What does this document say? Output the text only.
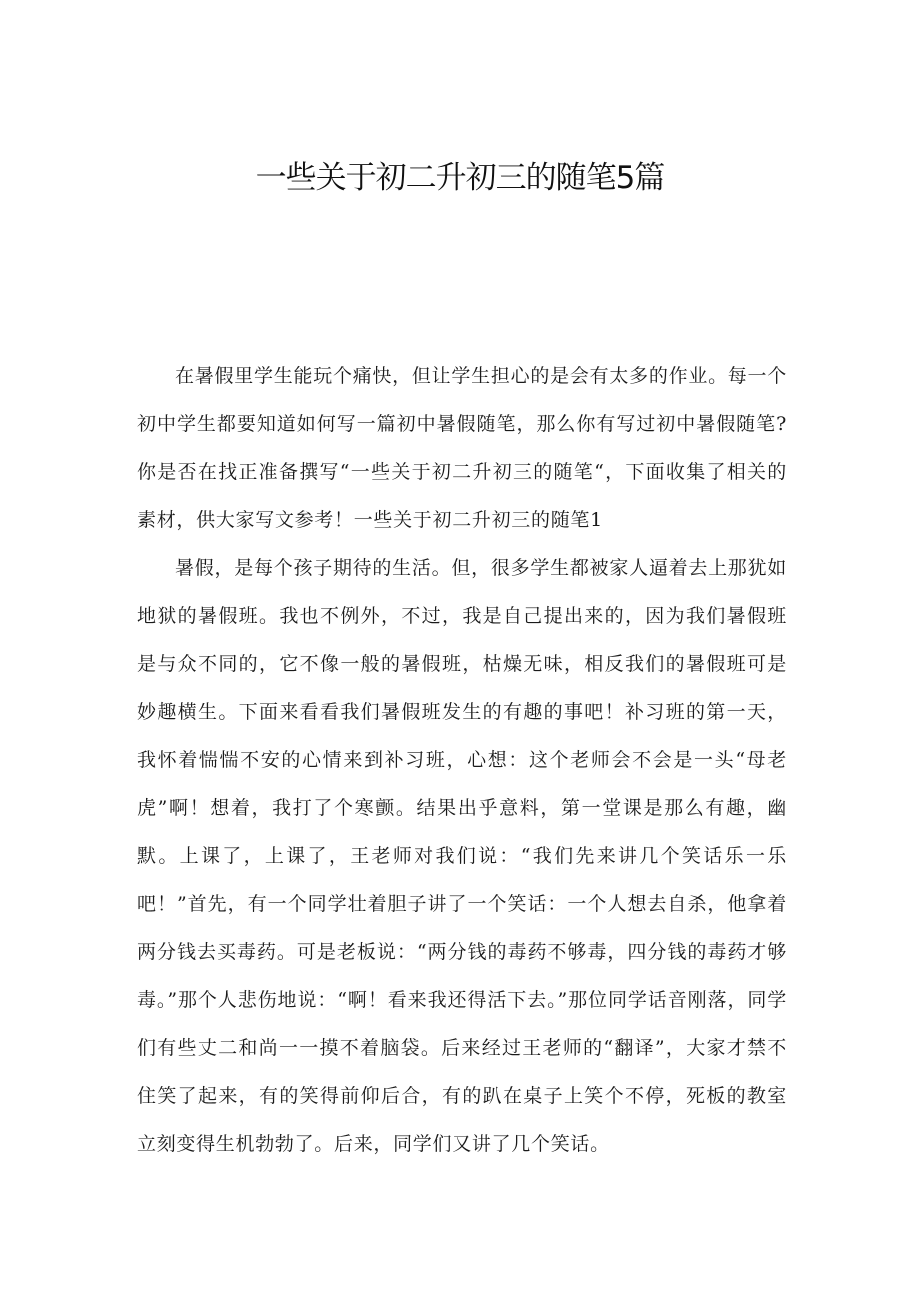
一些关于初二升初三的随笔5篇

在暑假里学生能玩个痛快，但让学生担心的是会有太多的作业。每一个初中学生都要知道如何写一篇初中暑假随笔，那么你有写过初中暑假随笔?你是否在找正准备撰写“一些关于初二升初三的随笔“，下面收集了相关的素材，供大家写文参考！一些关于初二升初三的随笔1

暑假，是每个孩子期待的生活。但，很多学生都被家人逼着去上那犹如地狱的暑假班。我也不例外，不过，我是自己提出来的，因为我们暑假班是与众不同的，它不像一般的暑假班，枯燥无味，相反我们的暑假班可是妙趣横生。下面来看看我们暑假班发生的有趣的事吧！补习班的第一天，我怀着惴惴不安的心情来到补习班，心想：这个老师会不会是一头“母老虎”啊！想着，我打了个寒颤。结果出乎意料，第一堂课是那么有趣，幽默。上课了，上课了，王老师对我们说：“我们先来讲几个笑话乐一乐吧！”首先，有一个同学壮着胆子讲了一个笑话：一个人想去自杀，他拿着两分钱去买毒药。可是老板说：“两分钱的毒药不够毒，四分钱的毒药才够毒。”那个人悲伤地说：“啊！看来我还得活下去。”那位同学话音刚落，同学们有些丈二和尚一一摸不着脑袋。后来经过王老师的“翻译”，大家才禁不住笑了起来，有的笑得前仰后合，有的趴在桌子上笑个不停，死板的教室立刻变得生机勃勃了。后来，同学们又讲了几个笑话。
